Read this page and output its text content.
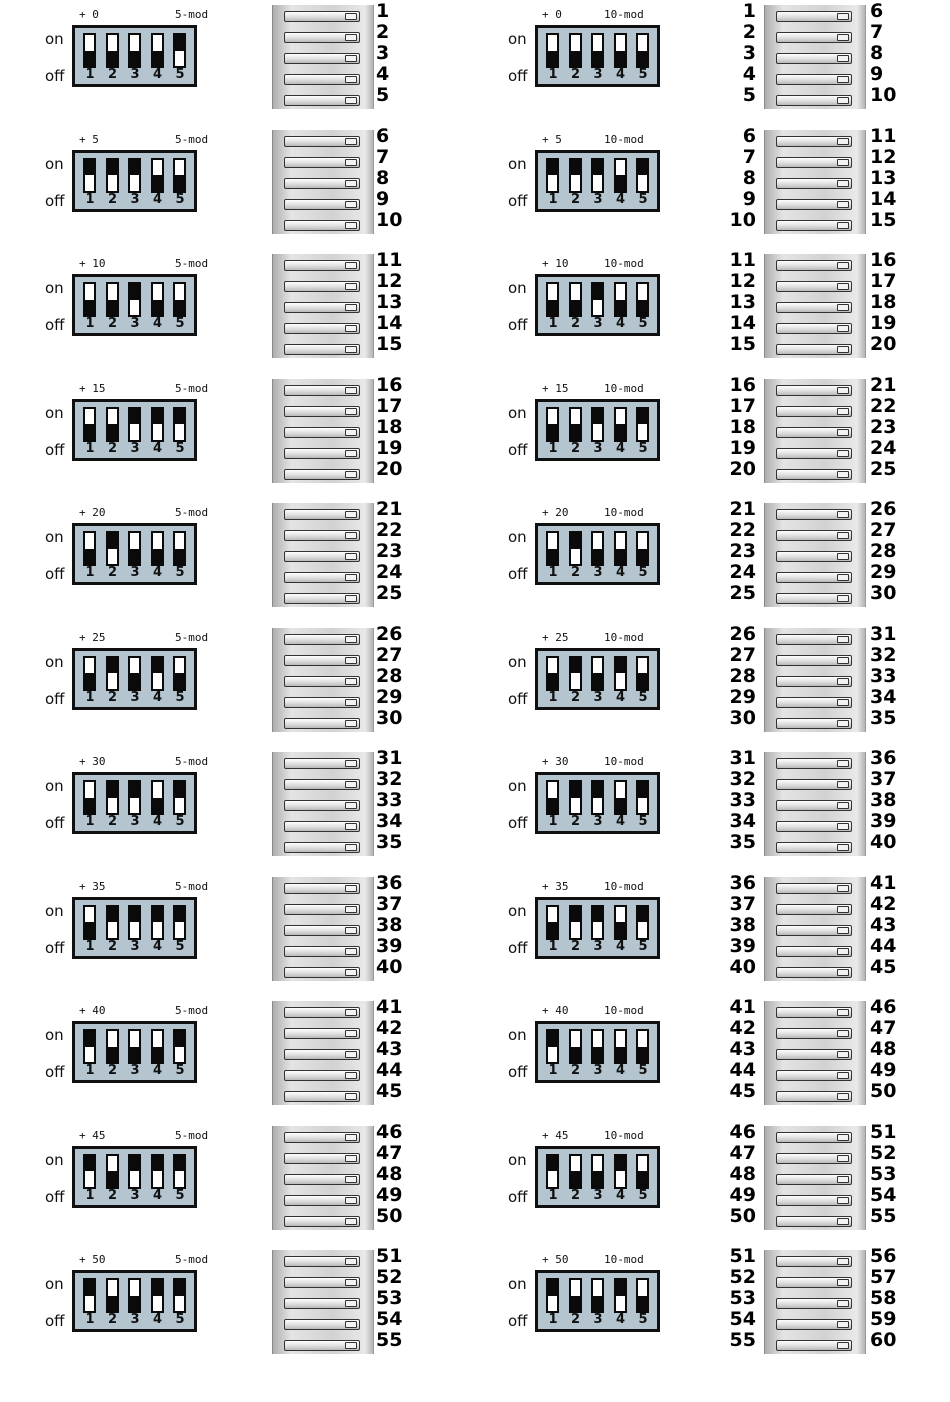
+ 0	5-mod
on
off	1	2	3	4	5
1
2
3
4
5
+ 0	10-mod
on
off	1	2	3	4	5
1
2
3
4
5
6
7
8
9
10
+ 5	5-mod
on
off	1	2	3	4	5
6
7
8
9
10
+ 5	10-mod
on
off	1	2	3	4	5
6
7
8
9
10
11
12
13
14
15
+ 10	5-mod
on
off	1	2	3	4	5
11
12
13
14
15
+ 10	10-mod
on
off	1	2	3	4	5
11
12
13
14
15
16
17
18
19
20
+ 15	5-mod
on
off	1	2	3	4	5
16
17
18
19
20
+ 15	10-mod
on
off	1	2	3	4	5
16
17
18
19
20
21
22
23
24
25
+ 20	5-mod
on
off	1	2	3	4	5
21
22
23
24
25
+ 20	10-mod
on
off	1	2	3	4	5
21
22
23
24
25
26
27
28
29
30
+ 25	5-mod
on
off	1	2	3	4	5
26
27
28
29
30
+ 25	10-mod
on
off	1	2	3	4	5
26
27
28
29
30
31
32
33
34
35
+ 30	5-mod
on
off	1	2	3	4	5
31
32
33
34
35
+ 30	10-mod
on
off	1	2	3	4	5
31
32
33
34
35
36
37
38
39
40
+ 35	5-mod
on
off	1	2	3	4	5
36
37
38
39
40
+ 35	10-mod
on
off	1	2	3	4	5
36
37
38
39
40
41
42
43
44
45
+ 40	5-mod
on
off	1	2	3	4	5
41
42
43
44
45
+ 40	10-mod
on
off	1	2	3	4	5
41
42
43
44
45
46
47
48
49
50
+ 45	5-mod
on
off	1	2	3	4	5
46
47
48
49
50
+ 45	10-mod
on
off	1	2	3	4	5
46
47
48
49
50
51
52
53
54
55
+ 50	5-mod
on
off	1	2	3	4	5
51
52
53
54
55
+ 50	10-mod
on
off	1	2	3	4	5
51
52
53
54
55
56
57
58
59
60
